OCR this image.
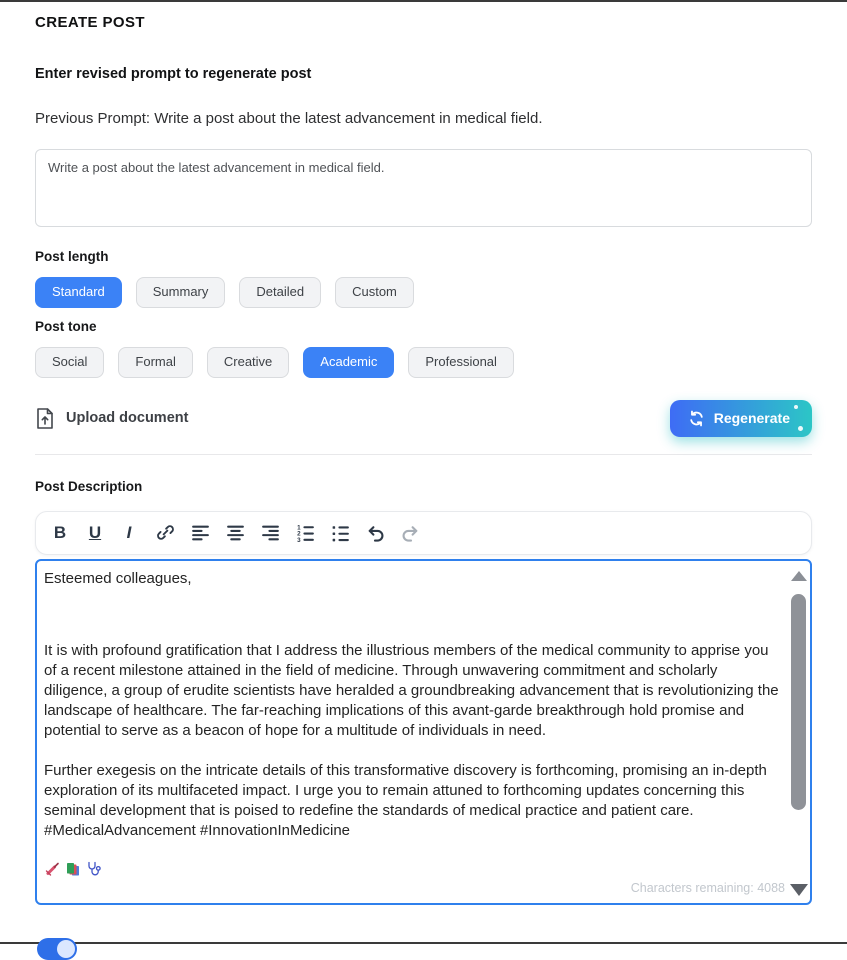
CREATE POST
Enter revised prompt to regenerate post

Previous Prompt: Write a post about the latest advancement in medical field.

Write a post about the latest advancement in medical field.
Post length
Standard	Summary	Detailed	Custom
Post tone
Social	Formal	Creative	Academic	Professional
Upload document	Regenerate
Post Description
B U I	1
2
3

Esteemed colleagues,

It is with profound gratification that I address the illustrious members of the medical community to apprise you of a recent milestone attained in the field of medicine. Through unwavering commitment and scholarly diligence, a group of erudite scientists have heralded a groundbreaking advancement that is revolutionizing the landscape of healthcare. The far-reaching implications of this avant-garde breakthrough hold promise and potential to serve as a beacon of hope for a multitude of individuals in need.

Further exegesis on the intricate details of this transformative discovery is forthcoming, promising an in-depth exploration of its multifaceted impact. I urge you to remain attuned to forthcoming updates concerning this seminal development that is poised to redefine the standards of medical practice and patient care. #MedicalAdvancement #InnovationInMedicine

Characters remaining: 4088
